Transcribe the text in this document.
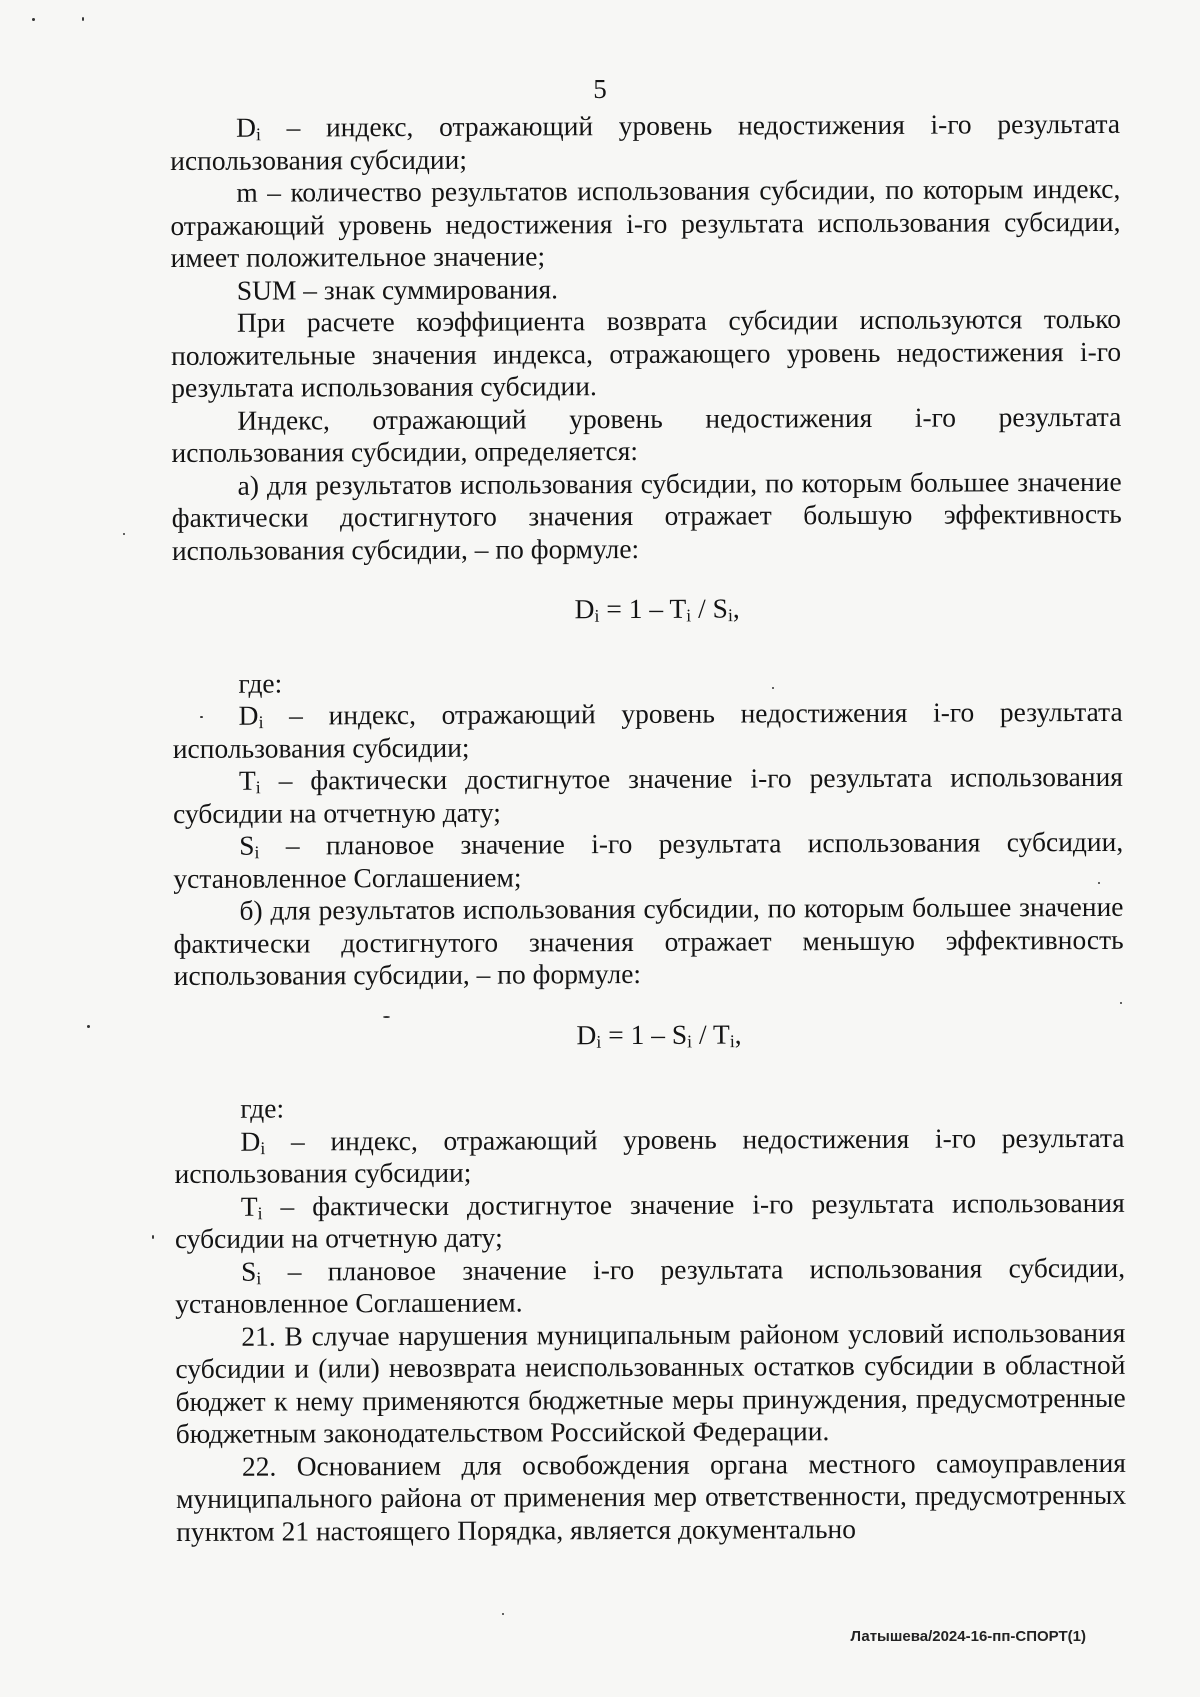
5

$D_i$ – индекс, отражающий уровень недостижения i-го результата использования субсидии;

m – количество результатов использования субсидии, по которым индекс, отражающий уровень недостижения i-го результата использования субсидии, имеет положительное значение;

SUM – знак суммирования.

При расчете коэффициента возврата субсидии используются только положительные значения индекса, отражающего уровень недостижения i-го результата использования субсидии.

Индекс, отражающий уровень недостижения i-го результата использования субсидии, определяется:

а) для результатов использования субсидии, по которым большее значение фактически достигнутого значения отражает большую эффективность использования субсидии, – по формуле:

$D_i = 1 - T_i / S_i$,

где:

$D_i$ – индекс, отражающий уровень недостижения i-го результата использования субсидии;

$T_i$ – фактически достигнутое значение i-го результата использования субсидии на отчетную дату;

$S_i$ – плановое значение i-го результата использования субсидии, установленное Соглашением;

б) для результатов использования субсидии, по которым большее значение фактически достигнутого значения отражает меньшую эффективность использования субсидии, – по формуле:

$D_i = 1 - S_i / T_i$,

где:

$D_i$ – индекс, отражающий уровень недостижения i-го результата использования субсидии;

$T_i$ – фактически достигнутое значение i-го результата использования субсидии на отчетную дату;

$S_i$ – плановое значение i-го результата использования субсидии, установленное Соглашением.

21. В случае нарушения муниципальным районом условий использования субсидии и (или) невозврата неиспользованных остатков субсидии в областной бюджет к нему применяются бюджетные меры принуждения, предусмотренные бюджетным законодательством Российской Федерации.

22. Основанием для освобождения органа местного самоуправления муниципального района от применения мер ответственности, предусмотренных пунктом 21 настоящего Порядка, является документально

Латышева/2024-16-пп-СПОРТ(1)
